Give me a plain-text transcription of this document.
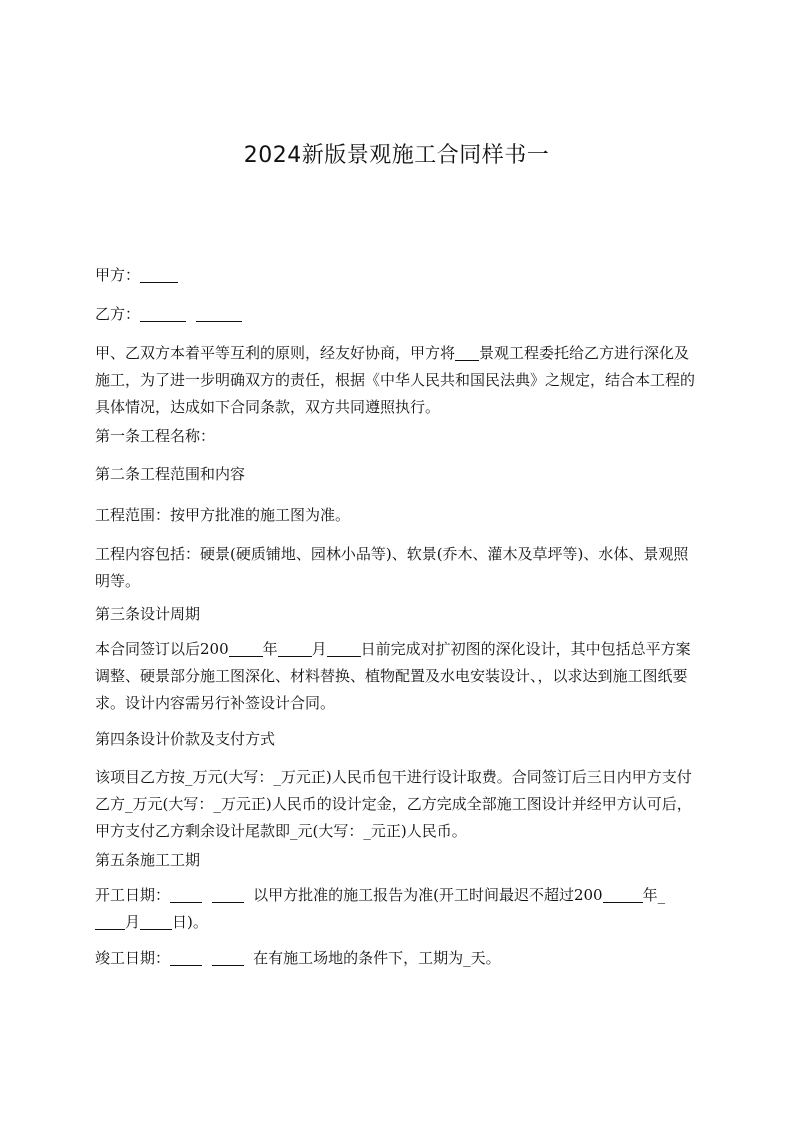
2024新版景观施工合同样书一

甲方：

乙方：

甲、乙双方本着平等互利的原则，经友好协商，甲方将 景观工程委托给乙方进行深化及施工，为了进一步明确双方的责任，根据《中华人民共和国民法典》之规定，结合本工程的具体情况，达成如下合同条款，双方共同遵照执行。

第一条工程名称：

第二条工程范围和内容

工程范围：按甲方批准的施工图为准。

工程内容包括：硬景(硬质铺地、园林小品等)、软景(乔木、灌木及草坪等)、水体、景观照明等。

第三条设计周期

本合同签订以后200 年 月 日前完成对扩初图的深化设计，其中包括总平方案调整、硬景部分施工图深化、材料替换、植物配置及水电安装设计、，以求达到施工图纸要求。设计内容需另行补签设计合同。

第四条设计价款及支付方式

该项目乙方按_万元(大写：_万元正)人民币包干进行设计取费。合同签订后三日内甲方支付乙方_万元(大写：_万元正)人民币的设计定金，乙方完成全部施工图设计并经甲方认可后，甲方支付乙方剩余设计尾款即_元(大写：_元正)人民币。

第五条施工工期

开工日期：	以甲方批准的施工报告为准(开工时间最迟不超过200	年_月 日)。

竣工日期：	在有施工场地的条件下，工期为_天。
